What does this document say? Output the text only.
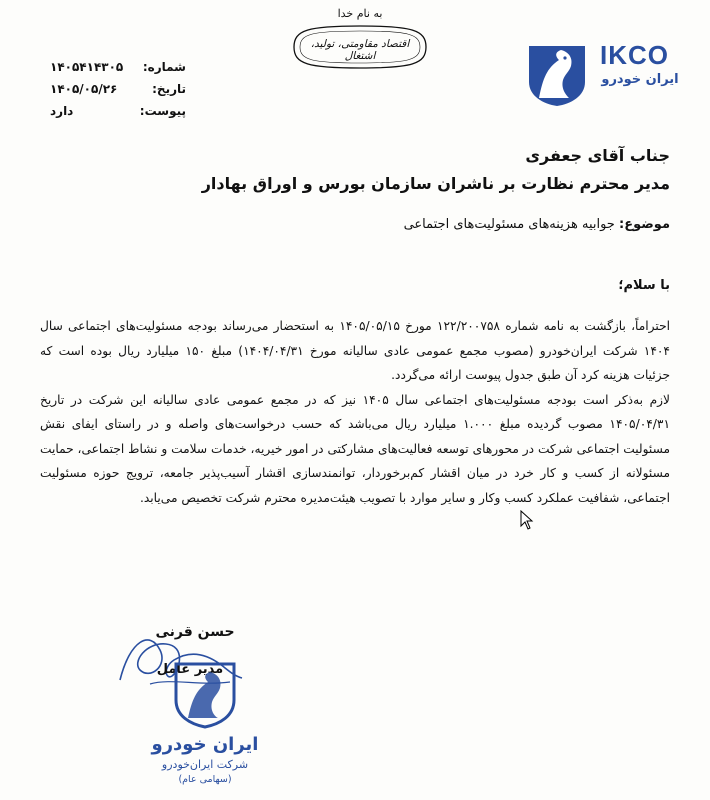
به نام خدا
اقتصاد مقاومتی، تولید، اشتغال
شماره:
۱۴۰۵۴۱۴۳۰۵
تاریخ:
۱۴۰۵/۰۵/۲۶
پیوست:
دارد
IKCO
ایران خودرو
جناب آقای جعفری
مدیر محترم نظارت بر ناشران سازمان بورس و اوراق بهادار
موضوع: جوابیه هزینه‌های مسئولیت‌های اجتماعی
با سلام؛

احتراماً، بازگشت به نامه شماره ۱۲۲/۲۰۰۷۵۸ مورخ ۱۴۰۵/۰۵/۱۵ به استحضار می‌رساند بودجه مسئولیت‌های اجتماعی سال ۱۴۰۴ شرکت ایران‌خودرو (مصوب مجمع عمومی عادی سالیانه مورخ ۱۴۰۴/۰۴/۳۱) مبلغ ۱۵۰ میلیارد ریال بوده است که جزئیات هزینه کرد آن طبق جدول پیوست ارائه می‌گردد.

لازم به‌ذکر است بودجه مسئولیت‌های اجتماعی سال ۱۴۰۵ نیز که در مجمع عمومی عادی سالیانه این شرکت در تاریخ ۱۴۰۵/۰۴/۳۱ مصوب گردیده مبلغ ۱.۰۰۰ میلیارد ریال می‌باشد که حسب درخواست‌های واصله و در راستای ایفای نقش مسئولیت اجتماعی شرکت در محورهای توسعه فعالیت‌های مشارکتی در امور خیریه، خدمات سلامت و نشاط اجتماعی، حمایت مسئولانه از کسب و کار خرد در میان اقشار کم‌برخوردار، توانمندسازی اقشار آسیب‌پذیر جامعه، ترویج حوزه مسئولیت اجتماعی، شفافیت عملکرد کسب وکار و سایر موارد با تصویب هیئت‌مدیره محترم شرکت تخصیص می‌یابد.

حسن قرنی
مدیر عامل
ایران خودرو
شرکت ایران‌خودرو
(سهامی عام)
